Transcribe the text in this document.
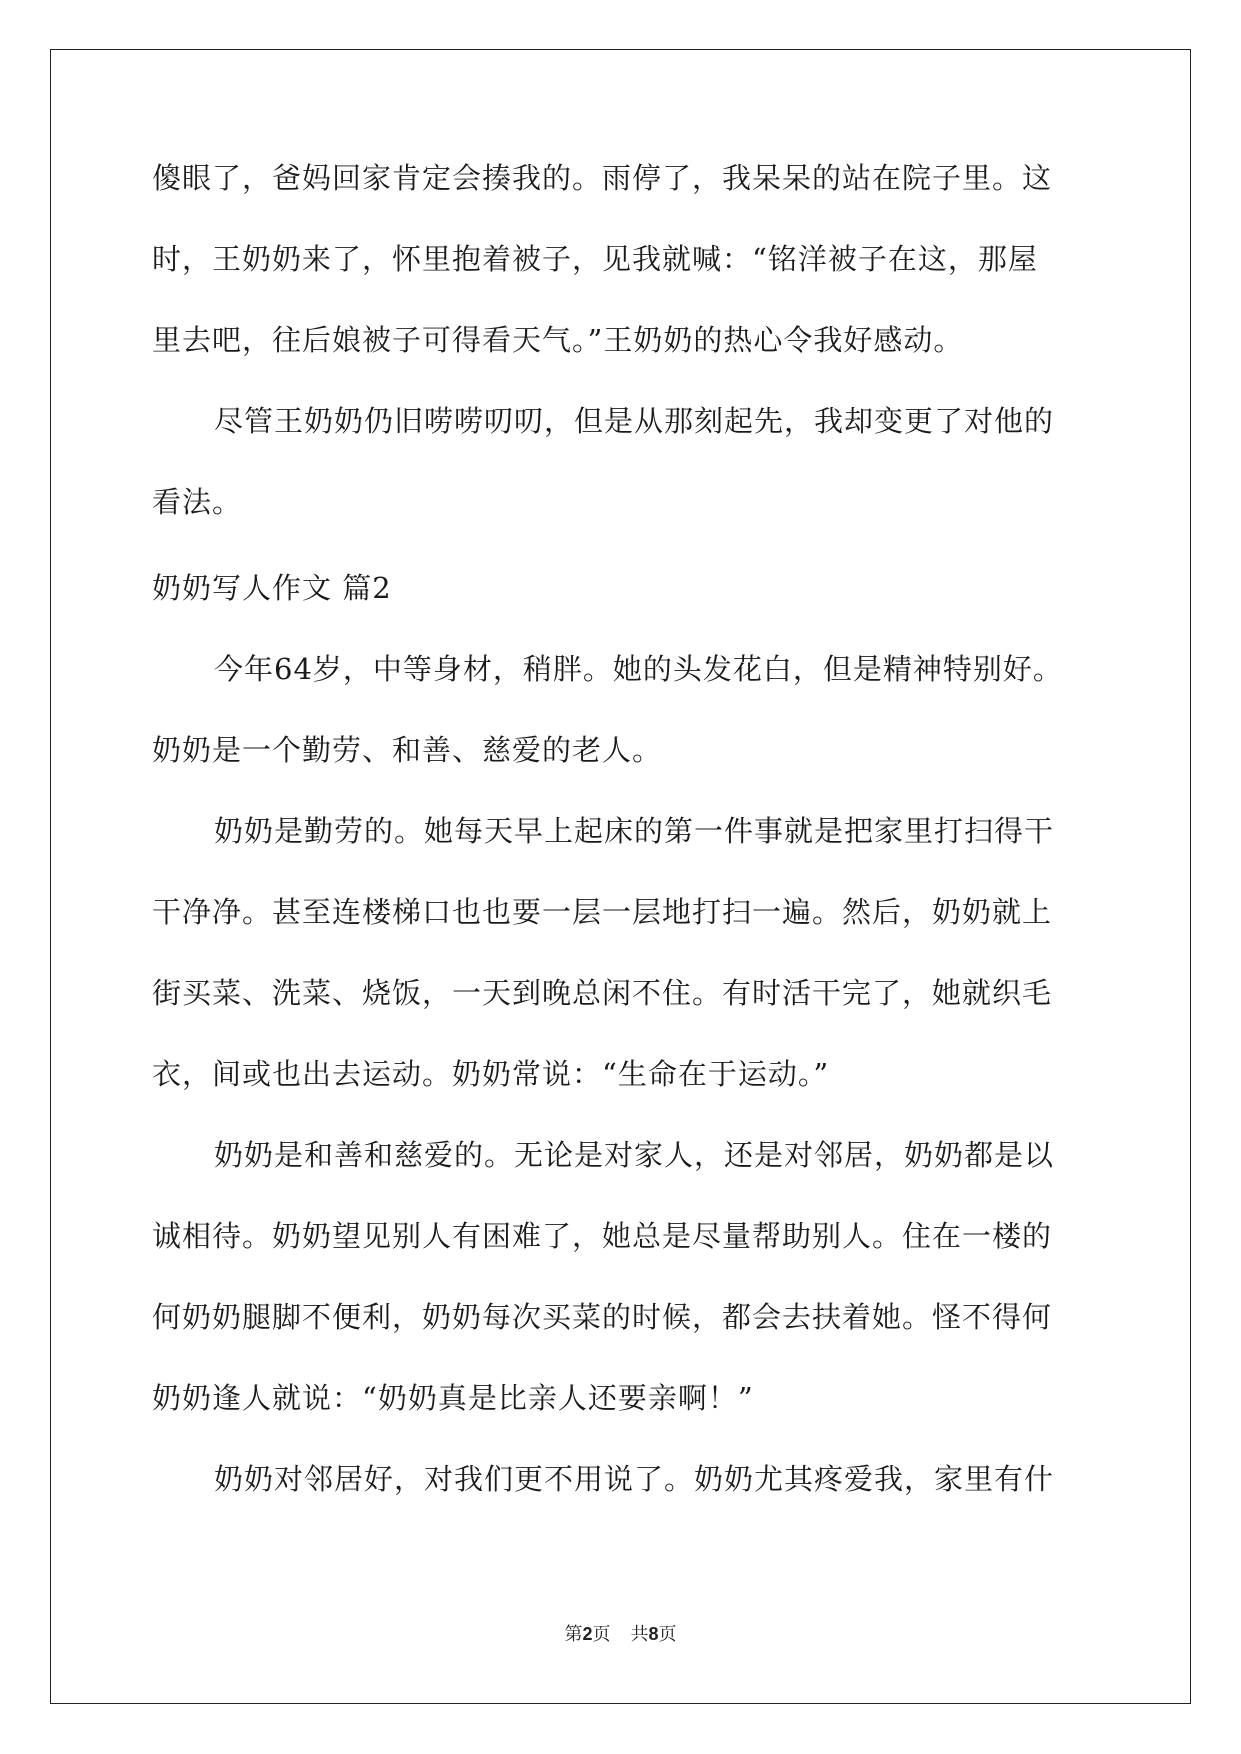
傻眼了，爸妈回家肯定会揍我的。雨停了，我呆呆的站在院子里。这
时，王奶奶来了，怀里抱着被子，见我就喊：“铭洋被子在这，那屋
里去吧，往后娘被子可得看天气。”王奶奶的热心令我好感动。
尽管王奶奶仍旧唠唠叨叨，但是从那刻起先，我却变更了对他的
看法。
奶奶写人作文 篇2
今年64岁，中等身材，稍胖。她的头发花白，但是精神特别好。
奶奶是一个勤劳、和善、慈爱的老人。
奶奶是勤劳的。她每天早上起床的第一件事就是把家里打扫得干
干净净。甚至连楼梯口也也要一层一层地打扫一遍。然后，奶奶就上
街买菜、洗菜、烧饭，一天到晚总闲不住。有时活干完了，她就织毛
衣，间或也出去运动。奶奶常说：“生命在于运动。”
奶奶是和善和慈爱的。无论是对家人，还是对邻居，奶奶都是以
诚相待。奶奶望见别人有困难了，她总是尽量帮助别人。住在一楼的
何奶奶腿脚不便利，奶奶每次买菜的时候，都会去扶着她。怪不得何
奶奶逢人就说：“奶奶真是比亲人还要亲啊！”
奶奶对邻居好，对我们更不用说了。奶奶尤其疼爱我，家里有什
第2页 共8页
